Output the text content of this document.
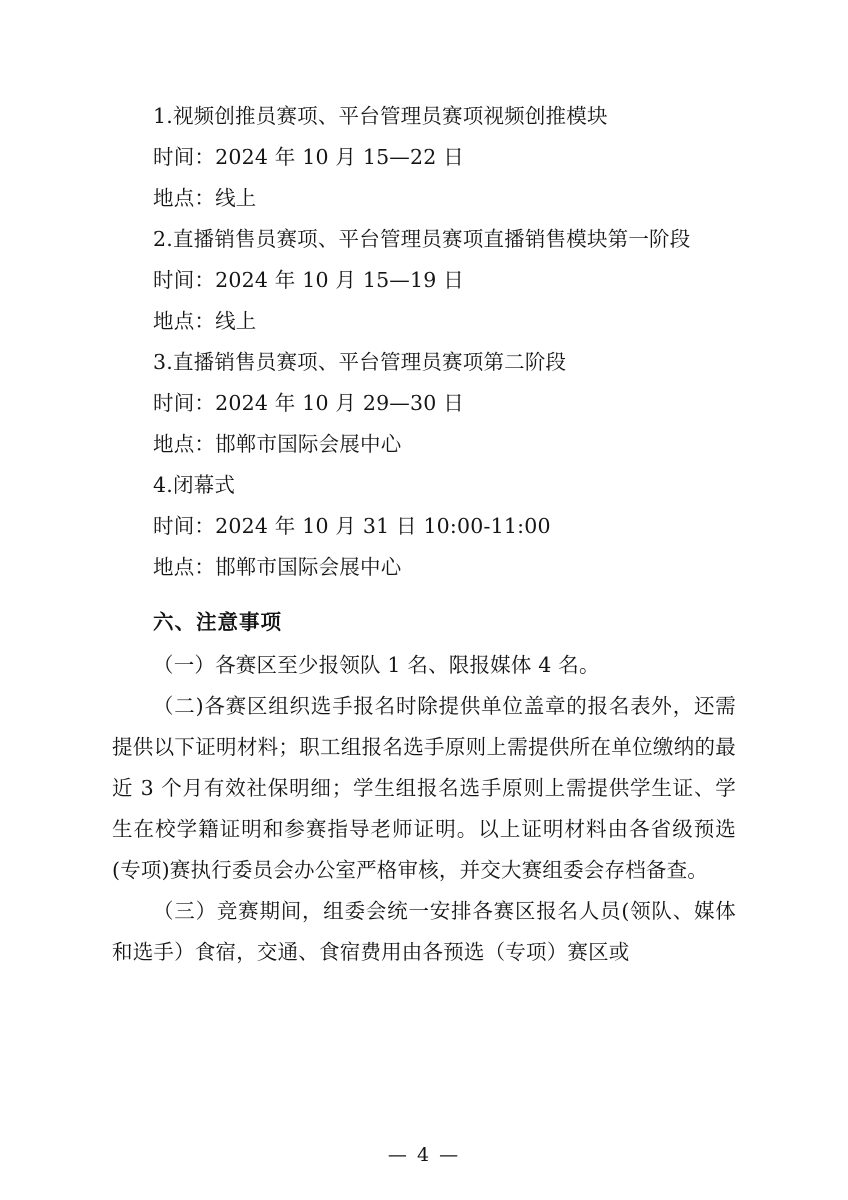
1.视频创推员赛项、平台管理员赛项视频创推模块

时间：2024 年 10 月 15—22 日

地点：线上

2.直播销售员赛项、平台管理员赛项直播销售模块第一阶段

时间：2024 年 10 月 15—19 日

地点：线上

3.直播销售员赛项、平台管理员赛项第二阶段

时间：2024 年 10 月 29—30 日

地点：邯郸市国际会展中心

4.闭幕式

时间：2024 年 10 月 31 日 10:00-11:00

地点：邯郸市国际会展中心

六、注意事项

（一）各赛区至少报领队 1 名、限报媒体 4 名。

（二)各赛区组织选手报名时除提供单位盖章的报名表外，还需提供以下证明材料；职工组报名选手原则上需提供所在单位缴纳的最近 3 个月有效社保明细；学生组报名选手原则上需提供学生证、学生在校学籍证明和参赛指导老师证明。以上证明材料由各省级预选(专项)赛执行委员会办公室严格审核，并交大赛组委会存档备查。

（三）竞赛期间，组委会统一安排各赛区报名人员(领队、媒体和选手）食宿，交通、食宿费用由各预选（专项）赛区或

— 4 —
